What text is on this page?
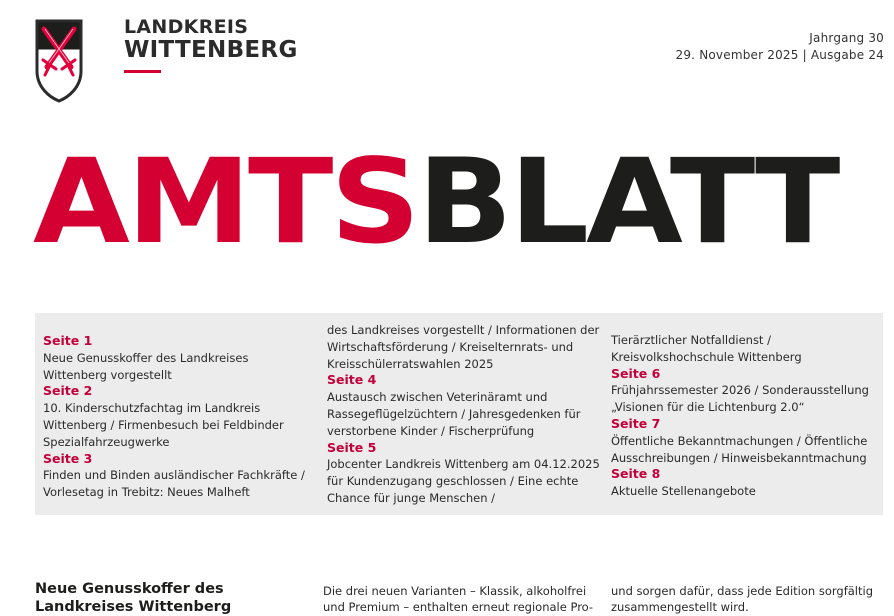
LANDKREIS
WITTENBERG	Jahrgang 30
29. November 2025 | Ausgabe 24
AMTSBLATT
Seite 1
Neue Genusskoffer des Landkreises Wittenberg vorgestellt
Seite 2
10. Kinderschutzfachtag im Landkreis Wittenberg / Firmenbesuch bei Feldbinder Spezialfahrzeugwerke
Seite 3
Finden und Binden ausländischer Fachkräfte / Vorlesetag in Trebitz: Neues Malheft
des Landkreises vorgestellt / Informationen der Wirtschaftsförderung / Kreiselternrats- und Kreisschülerratswahlen 2025
Seite 4
Austausch zwischen Veterinäramt und Rassegeflügelzüchtern / Jahresgedenken für verstorbene Kinder / Fischerprüfung
Seite 5
Jobcenter Landkreis Wittenberg am 04.12.2025 für Kundenzugang geschlossen / Eine echte Chance für junge Menschen /
Tierärztlicher Notfalldienst / Kreisvolkshochschule Wittenberg
Seite 6
Frühjahrssemester 2026 / Sonderausstellung „Visionen für die Lichtenburg 2.0“
Seite 7
Öffentliche Bekanntmachungen / Öffentliche Ausschreibungen / Hinweisbekanntmachung
Seite 8
Aktuelle Stellenangebote
Neue Genusskoffer des Landkreises Wittenberg
Die drei neuen Varianten – Klassik, alkoholfrei und Premium – enthalten erneut regionale Pro-
und sorgen dafür, dass jede Edition sorgfältig zusammengestellt wird.
